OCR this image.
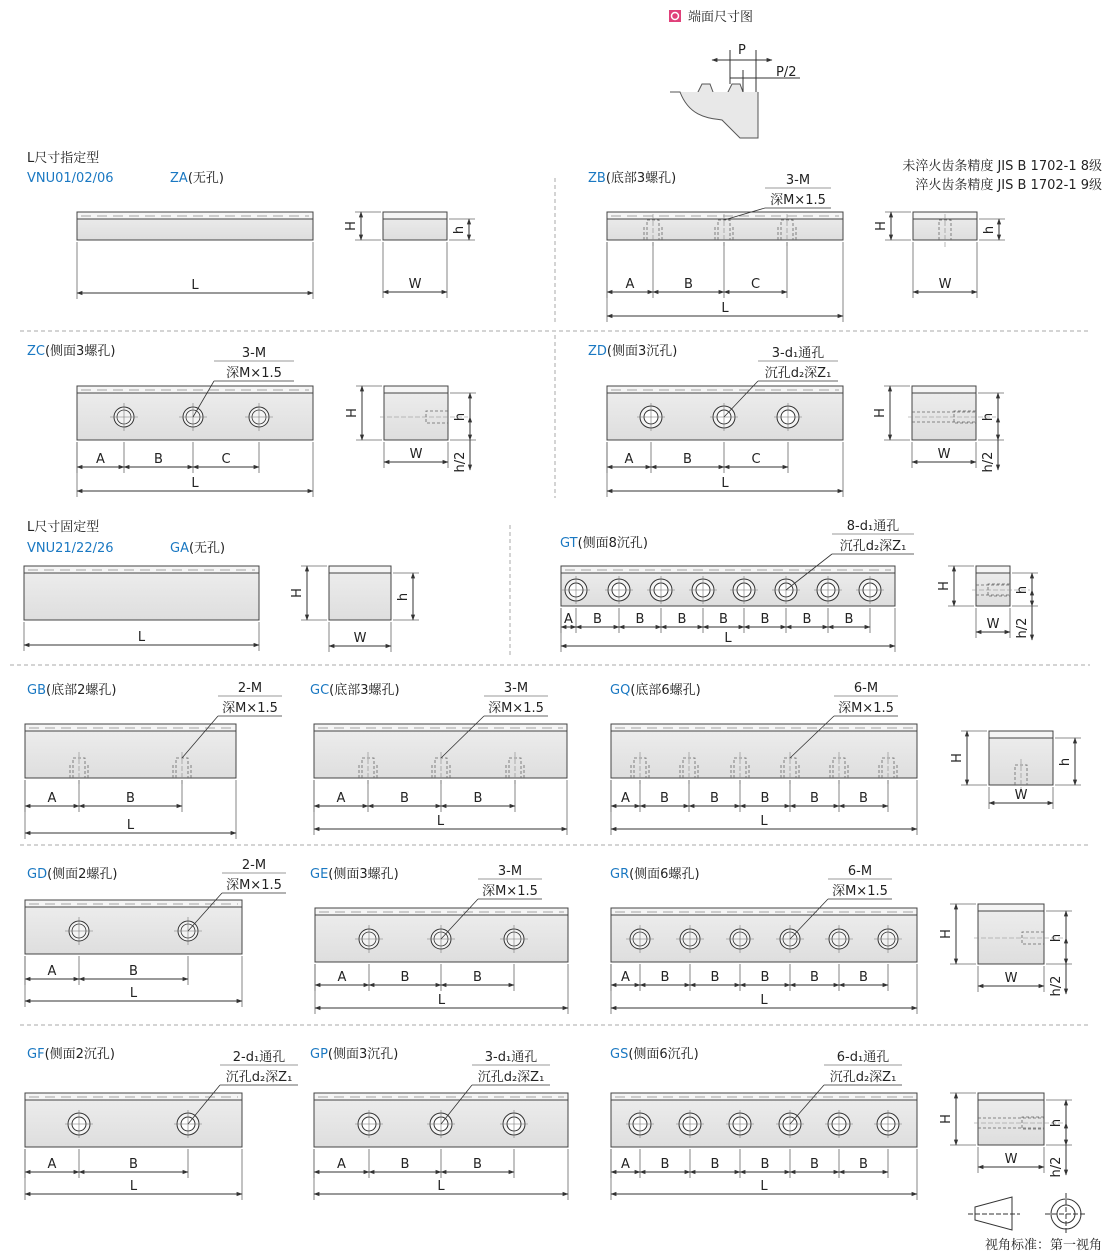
端面尺寸图
P
P/2
L尺寸指定型
VNU01/02/06
未淬火齿条精度 JIS B 1702-1 8级
淬火齿条精度 JIS B 1702-1 9级
L尺寸固定型
VNU21/22/26
ZA(无孔)
L
H	h
W
ZB(底部3螺孔)
A	B	C
L
3-M
深M×1.5
H	h
W
ZC(侧面3螺孔)
A	B	C
L
3-M
深M×1.5
H	h
h/2
W
ZD(侧面3沉孔)
A	B	C
L
3-d₁通孔
沉孔d₂深Z₁
H	h
h/2
W
GA(无孔)
L
H	h
W
GT(侧面8沉孔)
A B	B	B	B	B	B	B
L
8-d₁通孔
沉孔d₂深Z₁
H	h
h/2
W
GB(底部2螺孔)
A	B
L
2-M
深M×1.5
GC(底部3螺孔)
A	B	B
L
3-M
深M×1.5
GQ(底部6螺孔)
A B	B	B	B	B
L
6-M
深M×1.5
H	h
W
GD(侧面2螺孔)
A	B
L
2-M
深M×1.5
GE(侧面3螺孔)
A	B	B
L
3-M
深M×1.5
GR(侧面6螺孔)
A B	B	B	B	B
L
6-M
深M×1.5
H	h
h/2
W
GF(侧面2沉孔)
A	B
L
2-d₁通孔
沉孔d₂深Z₁
GP(侧面3沉孔)
A	B	B
L
3-d₁通孔
沉孔d₂深Z₁
GS(侧面6沉孔)
A B	B	B	B	B
L
6-d₁通孔
沉孔d₂深Z₁
H	h
h/2
W
视角标准：第一视角
